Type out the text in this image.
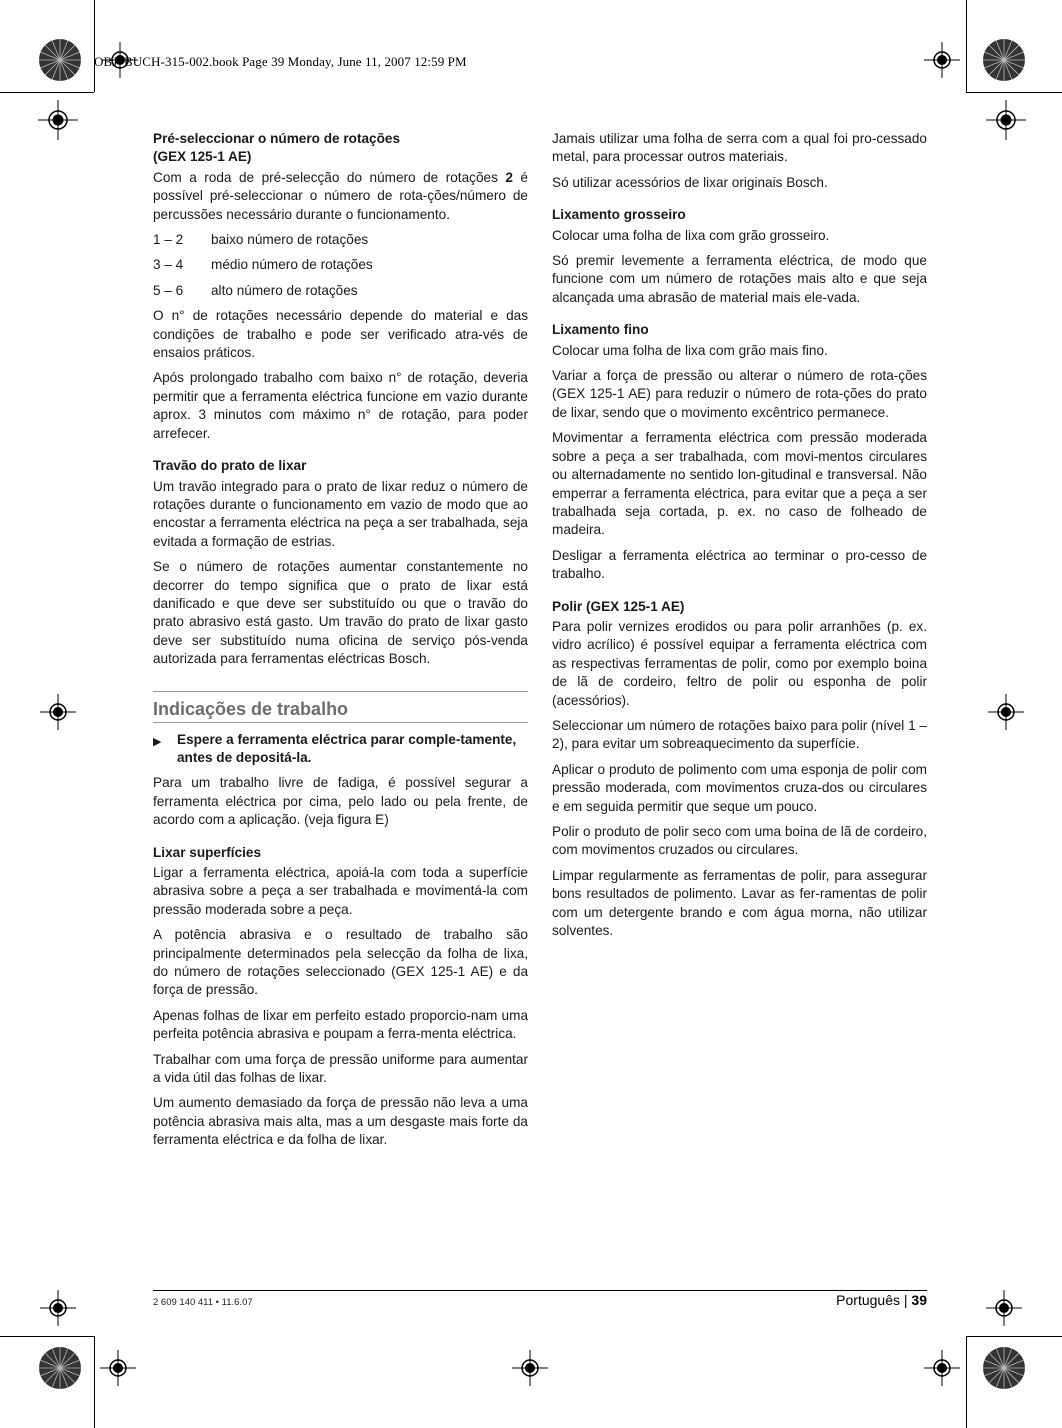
OBJ_BUCH-315-002.book Page 39 Monday, June 11, 2007 12:59 PM
Pré-seleccionar o número de rotações
(GEX 125-1 AE)

Com a roda de pré-selecção do número de rotações 2 é possível pré-seleccionar o número de rota-ções/número de percussões necessário durante o funcionamento.

1 – 2	baixo número de rotações
3 – 4	médio número de rotações
5 – 6	alto número de rotações

O n° de rotações necessário depende do material e das condições de trabalho e pode ser verificado atra-vés de ensaios práticos.

Após prolongado trabalho com baixo n° de rotação, deveria permitir que a ferramenta eléctrica funcione em vazio durante aprox. 3 minutos com máximo n° de rotação, para poder arrefecer.

Travão do prato de lixar

Um travão integrado para o prato de lixar reduz o número de rotações durante o funcionamento em vazio de modo que ao encostar a ferramenta eléctrica na peça a ser trabalhada, seja evitada a formação de estrias.

Se o número de rotações aumentar constantemente no decorrer do tempo significa que o prato de lixar está danificado e que deve ser substituído ou que o travão do prato abrasivo está gasto. Um travão do prato de lixar gasto deve ser substituído numa oficina de serviço pós-venda autorizada para ferramentas eléctricas Bosch.

Indicações de trabalho
▶	Espere a ferramenta eléctrica parar comple-tamente, antes de depositá-la.

Para um trabalho livre de fadiga, é possível segurar a ferramenta eléctrica por cima, pelo lado ou pela frente, de acordo com a aplicação. (veja figura E)

Lixar superfícies

Ligar a ferramenta eléctrica, apoiá-la com toda a superfície abrasiva sobre a peça a ser trabalhada e movimentá-la com pressão moderada sobre a peça.

A potência abrasiva e o resultado de trabalho são principalmente determinados pela selecção da folha de lixa, do número de rotações seleccionado (GEX 125-1 AE) e da força de pressão.

Apenas folhas de lixar em perfeito estado proporcio-nam uma perfeita potência abrasiva e poupam a ferra-menta eléctrica.

Trabalhar com uma força de pressão uniforme para aumentar a vida útil das folhas de lixar.

Um aumento demasiado da força de pressão não leva a uma potência abrasiva mais alta, mas a um desgaste mais forte da ferramenta eléctrica e da folha de lixar.

Jamais utilizar uma folha de serra com a qual foi pro-cessado metal, para processar outros materiais.

Só utilizar acessórios de lixar originais Bosch.

Lixamento grosseiro

Colocar uma folha de lixa com grão grosseiro.

Só premir levemente a ferramenta eléctrica, de modo que funcione com um número de rotações mais alto e que seja alcançada uma abrasão de material mais ele-vada.

Lixamento fino

Colocar uma folha de lixa com grão mais fino.

Variar a força de pressão ou alterar o número de rota-ções (GEX 125-1 AE) para reduzir o número de rota-ções do prato de lixar, sendo que o movimento excêntrico permanece.

Movimentar a ferramenta eléctrica com pressão moderada sobre a peça a ser trabalhada, com movi-mentos circulares ou alternadamente no sentido lon-gitudinal e transversal. Não emperrar a ferramenta eléctrica, para evitar que a peça a ser trabalhada seja cortada, p. ex. no caso de folheado de madeira.

Desligar a ferramenta eléctrica ao terminar o pro-cesso de trabalho.

Polir (GEX 125-1 AE)

Para polir vernizes erodidos ou para polir arranhões (p. ex. vidro acrílico) é possível equipar a ferramenta eléctrica com as respectivas ferramentas de polir, como por exemplo boina de lã de cordeiro, feltro de polir ou esponha de polir (acessórios).

Seleccionar um número de rotações baixo para polir (nível 1 – 2), para evitar um sobreaquecimento da superfície.

Aplicar o produto de polimento com uma esponja de polir com pressão moderada, com movimentos cruza-dos ou circulares e em seguida permitir que seque um pouco.

Polir o produto de polir seco com uma boina de lã de cordeiro, com movimentos cruzados ou circulares.

Limpar regularmente as ferramentas de polir, para assegurar bons resultados de polimento. Lavar as fer-ramentas de polir com um detergente brando e com água morna, não utilizar solventes.

2 609 140 411 • 11.6.07	Português | 39
